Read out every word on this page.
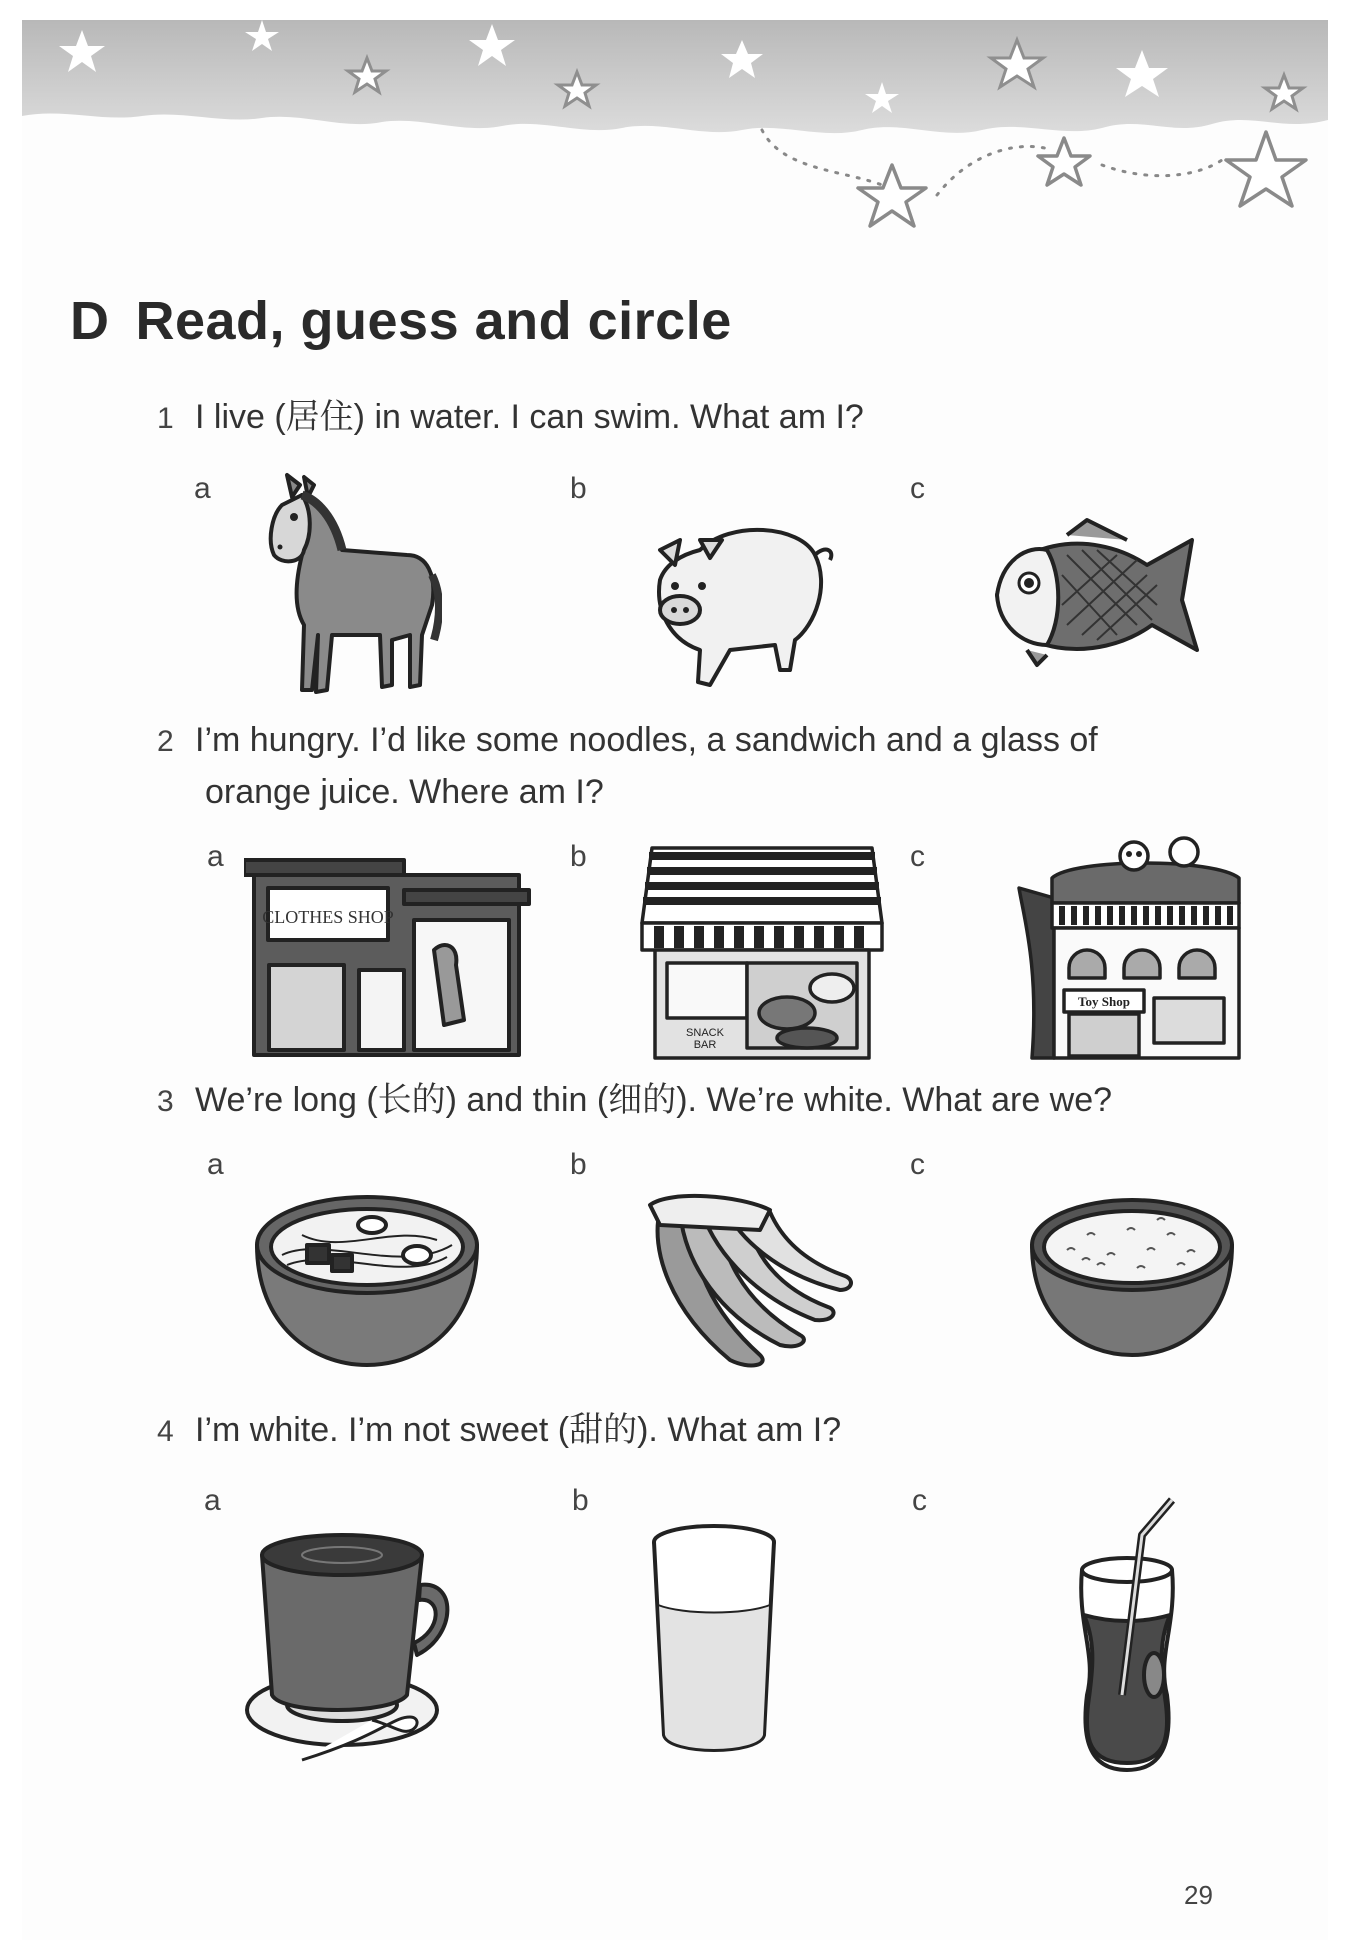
D Read, guess and circle

1 I live (居住) in water. I can swim. What am I?

a	b	c

2 I’m hungry. I’d like some noodles, a sandwich and a glass of
orange juice. Where am I?

a	b	c
CLOTHES SHOP
SNACK
BAR
Toy Shop

3 We’re long (长的) and thin (细的). We’re white. What are we?

a	b	c

4 I’m white. I’m not sweet (甜的). What am I?

a	b	c
29
